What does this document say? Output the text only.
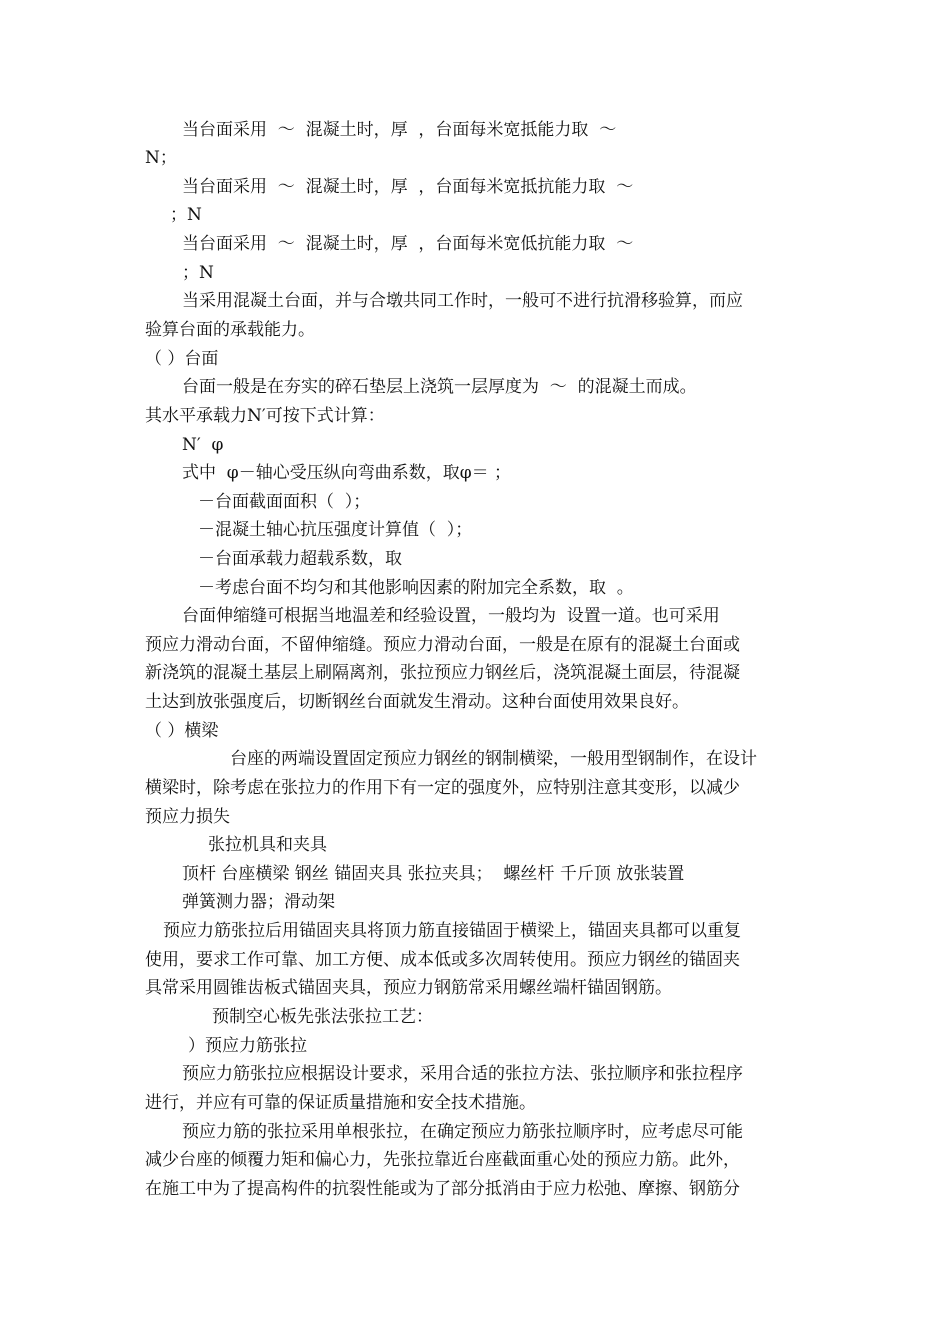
当台面采用  ～  混凝土时，厚  ，台面每米宽抵能力取  ～
N；
当台面采用  ～  混凝土时，厚  ，台面每米宽抵抗能力取  ～
；N
当台面采用  ～  混凝土时，厚  ，台面每米宽低抗能力取  ～
；N
当采用混凝土台面，并与合墩共同工作时，一般可不进行抗滑移验算，而应
验算台面的承载能力。
（ ）台面
台面一般是在夯实的碎石垫层上浇筑一层厚度为  ～  的混凝土而成。
其水平承载力N′可按下式计算：
N′  φ
式中  φ－轴心受压纵向弯曲系数，取φ＝ ；
－台面截面面积（  ）；
－混凝土轴心抗压强度计算值（  ）；
－台面承载力超载系数，取
－考虑台面不均匀和其他影响因素的附加完全系数，取  。
台面伸缩缝可根据当地温差和经验设置，一般均为  设置一道。也可采用
预应力滑动台面，不留伸缩缝。预应力滑动台面，一般是在原有的混凝土台面或
新浇筑的混凝土基层上刷隔离剂，张拉预应力钢丝后，浇筑混凝土面层，待混凝
土达到放张强度后，切断钢丝台面就发生滑动。这种台面使用效果良好。
（ ）横梁
台座的两端设置固定预应力钢丝的钢制横梁，一般用型钢制作，在设计
横梁时，除考虑在张拉力的作用下有一定的强度外，应特别注意其变形，以减少
预应力损失
张拉机具和夹具
顶杆 台座横梁 钢丝 锚固夹具 张拉夹具；  螺丝杆 千斤顶 放张装置
弹簧测力器；滑动架
预应力筋张拉后用锚固夹具将顶力筋直接锚固于横梁上，锚固夹具都可以重复
使用，要求工作可靠、加工方便、成本低或多次周转使用。预应力钢丝的锚固夹
具常采用圆锥齿板式锚固夹具，预应力钢筋常采用螺丝端杆锚固钢筋。
预制空心板先张法张拉工艺：
）预应力筋张拉
预应力筋张拉应根据设计要求，采用合适的张拉方法、张拉顺序和张拉程序
进行，并应有可靠的保证质量措施和安全技术措施。
预应力筋的张拉采用单根张拉，在确定预应力筋张拉顺序时，应考虑尽可能
减少台座的倾覆力矩和偏心力，先张拉靠近台座截面重心处的预应力筋。此外，
在施工中为了提高构件的抗裂性能或为了部分抵消由于应力松弛、摩擦、钢筋分
